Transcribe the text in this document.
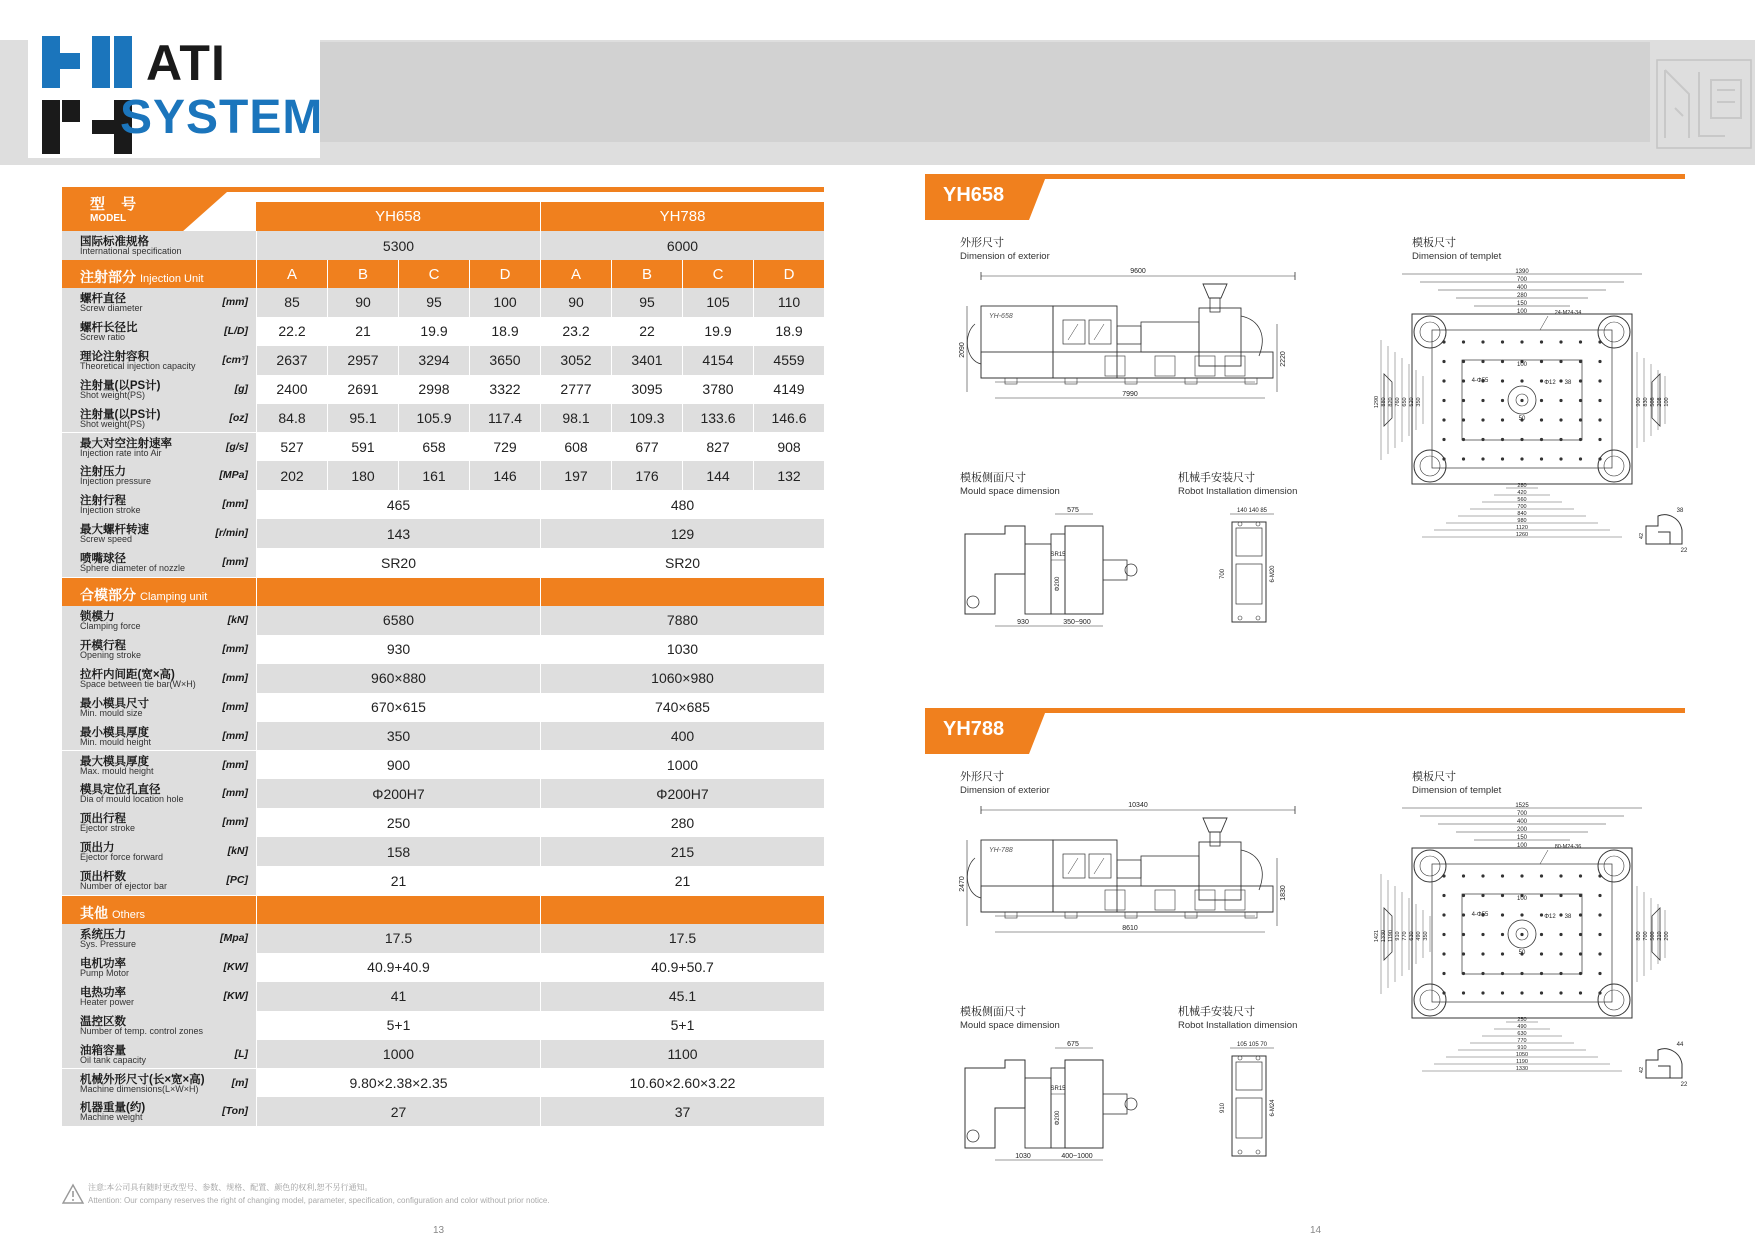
ATI
SYSTEM
型 号
MODEL	YH658	YH788
国际标准规格
International specification	5300	6000
注射部分 Injection Unit	A	B	C	D	A	B	C	D
合模部分 Clamping unit
其他 Others
注意:本公司具有随时更改型号、参数、规格、配置、颜色的权利,恕不另行通知。
Attention: Our company reserves the right of changing model, parameter, specification, configuration and color without prior notice.
13	14
YH658
外形尺寸
Dimension of exterior
模板尺寸
Dimension of templet
模板侧面尺寸
Mould space dimension
机械手安装尺寸
Robot Installation dimension
9600
2090
2220
YH-658
7990
1390
700
400
280
150
100	24-M24-34
1290 880 820 760 650 520 350	900 830 508 208 100
4-Φ55	Φ12 38
100
50
280
420
560
700
840
980
1120
1260
38
22
42
575
SR15
Φ200
930	350~900
140 140 85
700	6-M20
YH788
外形尺寸
Dimension of exterior
模板尺寸
Dimension of templet
模板侧面尺寸
Mould space dimension
机械手安装尺寸
Robot Installation dimension
10340
2470
1830
YH-788
8610
1525
700
400
200
150
100	80-M24-36
1421 1330 1190 910 770 630 490 350	800 700 500 210 200
4-Φ55	Φ12 38
100
50
250
490
630
770
910
1050
1190
1330
44
22
42
675
SR15
Φ200
1030	400~1000
105 105 70
910	6-M24
螺杆直径
Screw diameter	[mm]	85	90	95	100	90	95	105	110
螺杆长径比
Screw ratio	[L/D]	22.2	21	19.9	18.9	23.2	22	19.9	18.9
理论注射容积
Theoretical injection capacity	[cm³]	2637	2957	3294	3650	3052	3401	4154	4559
注射量(以PS计)
Shot weight(PS)	[g]	2400	2691	2998	3322	2777	3095	3780	4149
注射量(以PS计)
Shot weight(PS)	[oz]	84.8	95.1	105.9	117.4	98.1	109.3	133.6	146.6
最大对空注射速率
Injection rate into Air	[g/s]	527	591	658	729	608	677	827	908
注射压力
Injection pressure	[MPa]	202	180	161	146	197	176	144	132
注射行程
Injection stroke	[mm]	465	480
最大螺杆转速
Screw speed	[r/min]	143	129
喷嘴球径
Sphere diameter of nozzle	[mm]	SR20	SR20
锁模力
Clamping force	[kN]	6580	7880
开模行程
Opening stroke	[mm]	930	1030
拉杆内间距(宽×高)
Space between tie bar(W×H)	[mm]	960×880	1060×980
最小模具尺寸
Min. mould size	[mm]	670×615	740×685
最小模具厚度
Min. mould height	[mm]	350	400
最大模具厚度
Max. mould height	[mm]	900	1000
模具定位孔直径
Dia of mould location hole	[mm]	Φ200H7	Φ200H7
顶出行程
Ejector stroke	[mm]	250	280
顶出力
Ejector force forward	[kN]	158	215
顶出杆数
Number of ejector bar	[PC]	21	21
系统压力
Sys. Pressure	[Mpa]	17.5	17.5
电机功率
Pump Motor	[KW]	40.9+40.9	40.9+50.7
电热功率
Heater power	[KW]	41	45.1
温控区数
Number of temp. control zones	5+1	5+1
油箱容量
Oil tank capacity	[L]	1000	1100
机械外形尺寸(长×宽×高)
Machine dimensions(L×W×H)	[m]	9.80×2.38×2.35	10.60×2.60×3.22
机器重量(约)
Machine weight	[Ton]	27	37
